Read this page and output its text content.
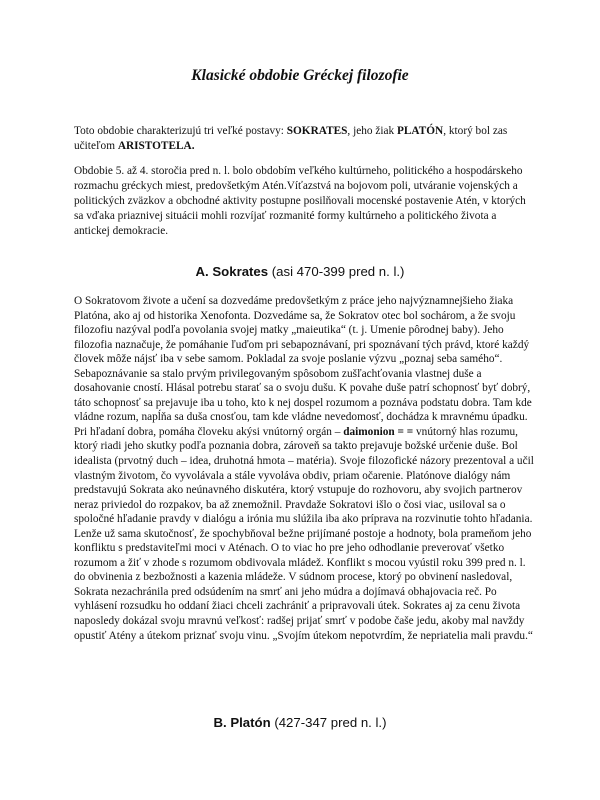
Klasické obdobie Gréckej filozofie

Toto obdobie charakterizujú tri veľké postavy: SOKRATES, jeho žiak PLATÓN, ktorý bol zas učiteľom ARISTOTELA.

Obdobie 5. až 4. storočia pred n. l. bolo obdobím veľkého kultúrneho, politického a hospodárskeho rozmachu gréckych miest, predovšetkým Atén.Víťazstvá na bojovom poli, utváranie vojenských a politických zväzkov a obchodné aktivity postupne posilňovali mocenské postavenie Atén, v ktorých sa vďaka priaznivej situácii mohli rozvíjať rozmanité formy kultúrneho a politického života a antickej demokracie.

A. Sokrates (asi 470-399 pred n. l.)

O Sokratovom živote a učení sa dozvedáme predovšetkým z práce jeho najvýznamnejšieho žiaka Platóna, ako aj od historika Xenofonta. Dozvedáme sa, že Sokratov otec bol sochárom, a že svoju filozofiu nazýval podľa povolania svojej matky „maieutika“ (t. j. Umenie pôrodnej baby). Jeho filozofia naznačuje, že pomáhanie ľuďom pri sebapoznávaní, pri spoznávaní tých právd, ktoré každý človek môže nájsť iba v sebe samom. Pokladal za svoje poslanie výzvu „poznaj seba samého“. Sebapoznávanie sa stalo prvým privilegovaným spôsobom zušľachťovania vlastnej duše a dosahovanie cností. Hlásal potrebu starať sa o svoju dušu. K povahe duše patrí schopnosť byť dobrý, táto schopnosť sa prejavuje iba u toho, kto k nej dospel rozumom a poznáva podstatu dobra. Tam kde vládne rozum, napĺňa sa duša cnosťou, tam kde vládne nevedomosť, dochádza k mravnému úpadku. Pri hľadaní dobra, pomáha človeku akýsi vnútorný orgán – daimonion = = vnútorný hlas rozumu, ktorý riadi jeho skutky podľa poznania dobra, zároveň sa takto prejavuje božské určenie duše. Bol idealista (prvotný duch – idea, druhotná hmota – matéria). Svoje filozofické názory prezentoval a učil vlastným životom, čo vyvolávala a stále vyvoláva obdiv, priam očarenie. Platónove dialógy nám predstavujú Sokrata ako neúnavného diskutéra, ktorý vstupuje do rozhovoru, aby svojich partnerov neraz priviedol do rozpakov, ba až znemožnil. Pravdaže Sokratovi išlo o čosi viac, usiloval sa o spoločné hľadanie pravdy v dialógu a irónia mu slúžila iba ako príprava na rozvinutie tohto hľadania. Lenže už sama skutočnosť, že spochybňoval bežne prijímané postoje a hodnoty, bola prameňom jeho konfliktu s predstaviteľmi moci v Aténach. O to viac ho pre jeho odhodlanie preverovať všetko rozumom a žiť v zhode s rozumom obdivovala mládež. Konflikt s mocou vyústil roku 399 pred n. l. do obvinenia z bezbožnosti a kazenia mládeže. V súdnom procese, ktorý po obvinení nasledoval, Sokrata nezachránila pred odsúdením na smrť ani jeho múdra a dojímavá obhajovacia reč. Po vyhlásení rozsudku ho oddaní žiaci chceli zachrániť a pripravovali útek. Sokrates aj za cenu života naposledy dokázal svoju mravnú veľkosť: radšej prijať smrť v podobe čaše jedu, akoby mal navždy opustiť Atény a útekom priznať svoju vinu. „Svojím útekom nepotvrdím, že nepriatelia mali pravdu.“

B. Platón (427-347 pred n. l.)
